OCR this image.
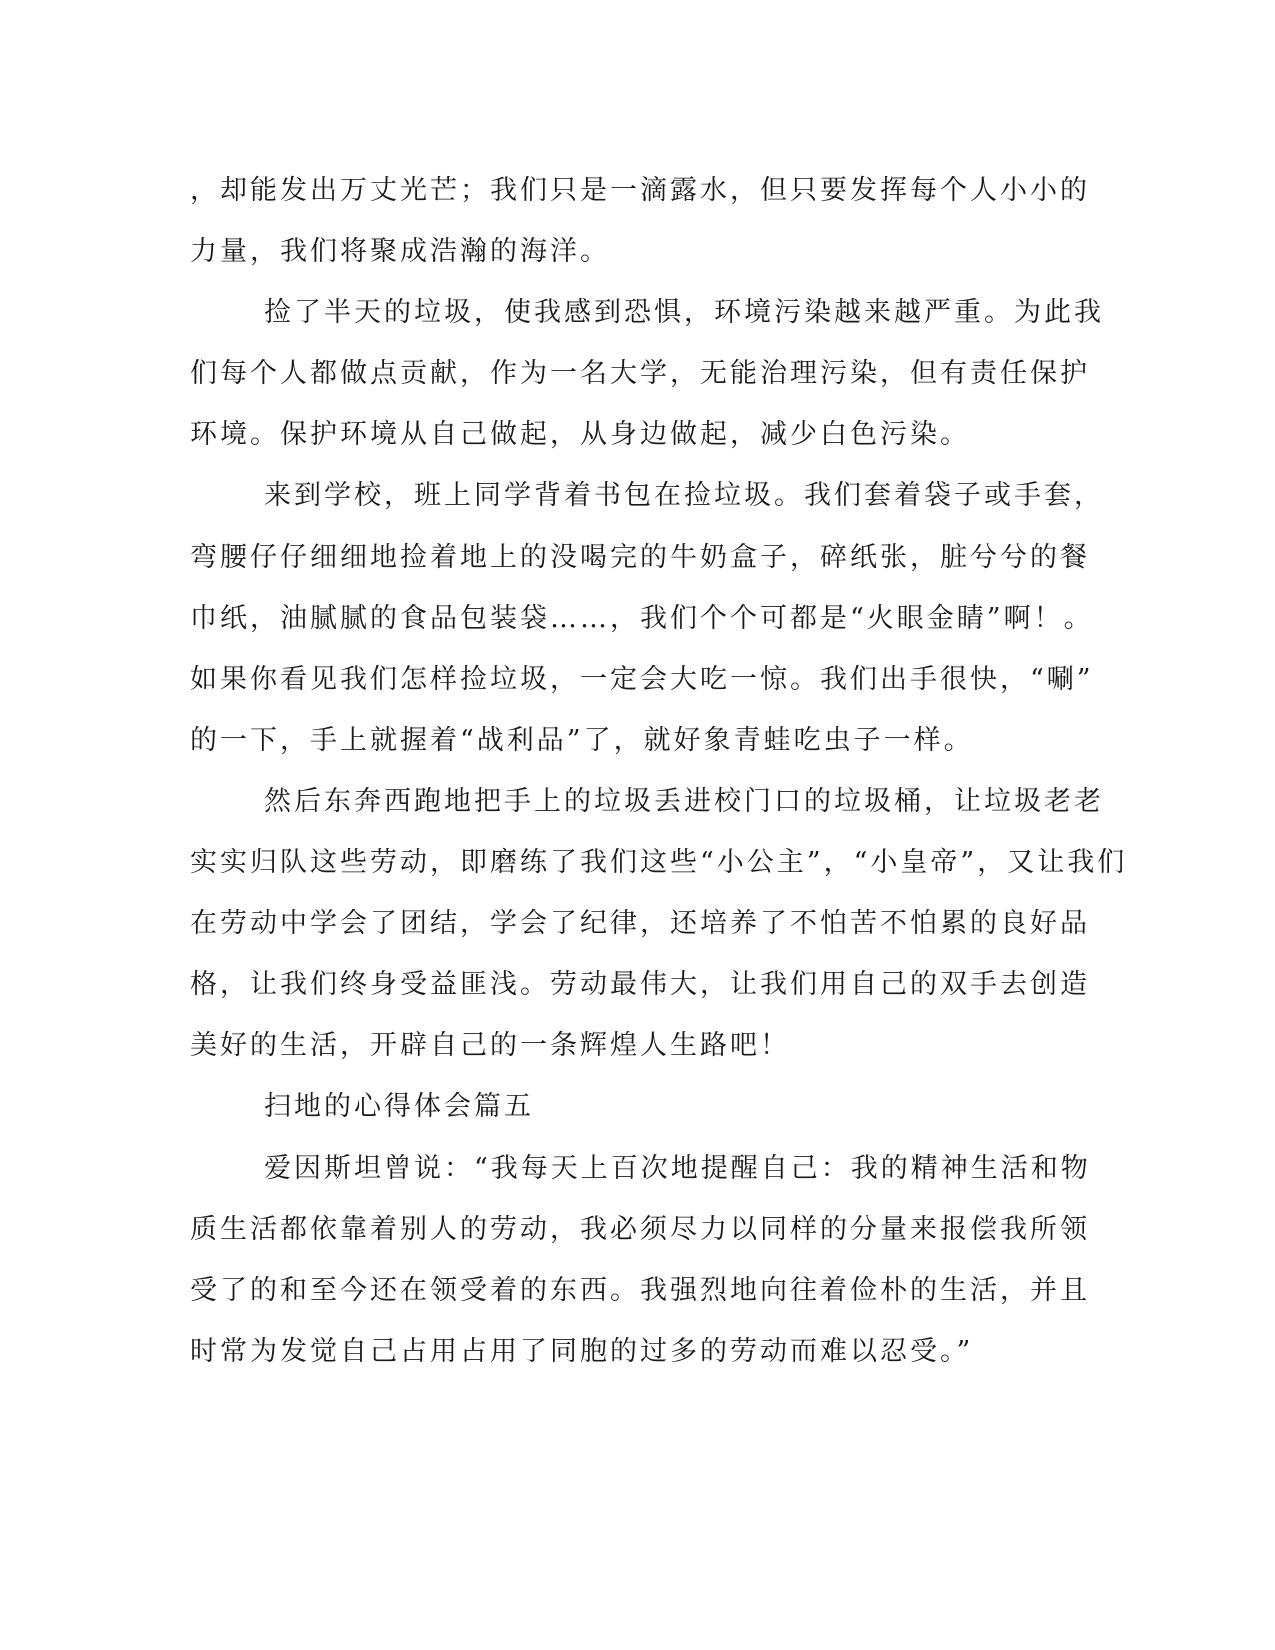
，却能发出万丈光芒；我们只是一滴露水，但只要发挥每个人小小的

力量，我们将聚成浩瀚的海洋。

捡了半天的垃圾，使我感到恐惧，环境污染越来越严重。为此我

们每个人都做点贡献，作为一名大学，无能治理污染，但有责任保护

环境。保护环境从自己做起，从身边做起，减少白色污染。

来到学校，班上同学背着书包在捡垃圾。我们套着袋子或手套，

弯腰仔仔细细地捡着地上的没喝完的牛奶盒子，碎纸张，脏兮兮的餐

巾纸，油腻腻的食品包装袋……，我们个个可都是“火眼金睛”啊！。

如果你看见我们怎样捡垃圾，一定会大吃一惊。我们出手很快，“唰”

的一下，手上就握着“战利品”了，就好象青蛙吃虫子一样。

然后东奔西跑地把手上的垃圾丢进校门口的垃圾桶，让垃圾老老

实实归队这些劳动，即磨练了我们这些“小公主”，“小皇帝”，又让我们

在劳动中学会了团结，学会了纪律，还培养了不怕苦不怕累的良好品

格，让我们终身受益匪浅。劳动最伟大，让我们用自己的双手去创造

美好的生活，开辟自己的一条辉煌人生路吧！

扫地的心得体会篇五

爱因斯坦曾说：“我每天上百次地提醒自己：我的精神生活和物

质生活都依靠着别人的劳动，我必须尽力以同样的分量来报偿我所领

受了的和至今还在领受着的东西。我强烈地向往着俭朴的生活，并且

时常为发觉自己占用占用了同胞的过多的劳动而难以忍受。”
